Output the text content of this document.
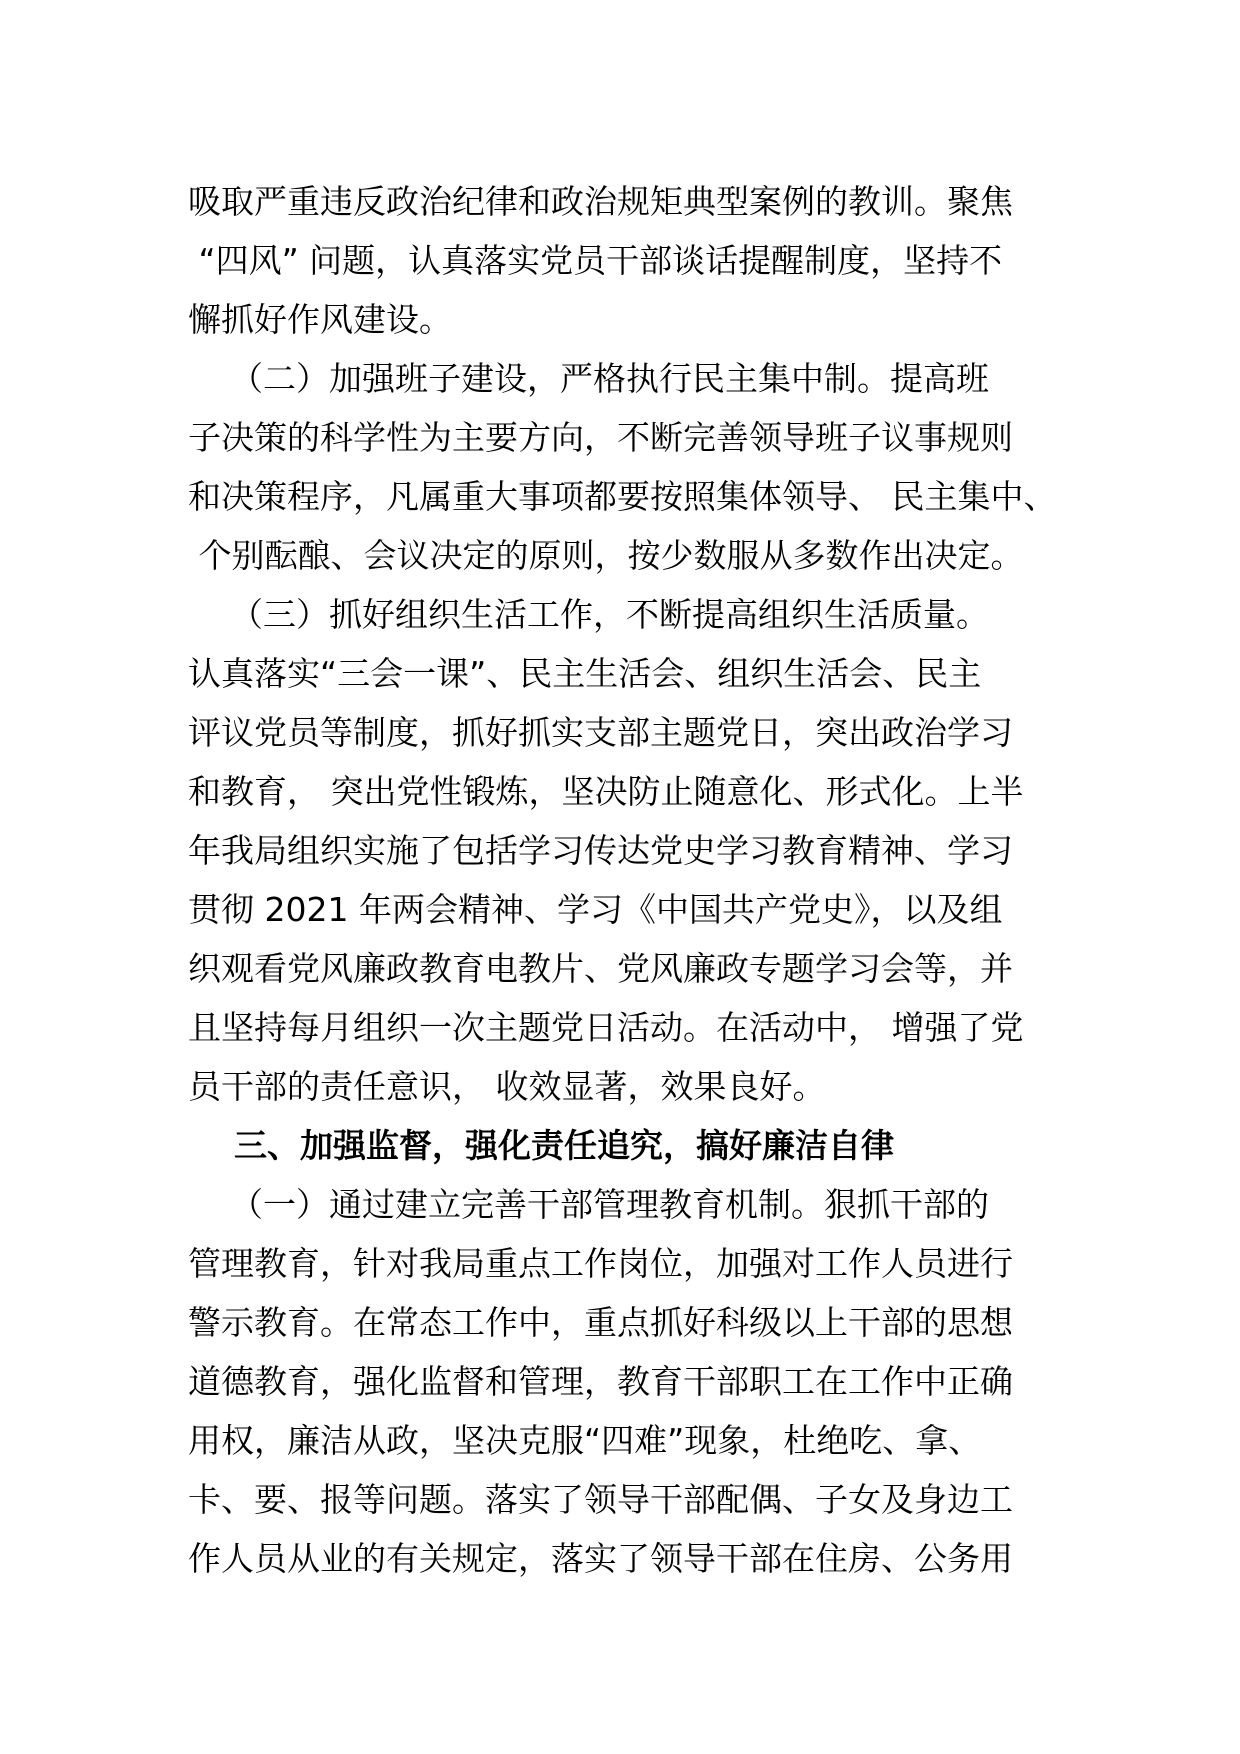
吸取严重违反政治纪律和政治规矩典型案例的教训。聚焦
“四风” 问题，认真落实党员干部谈话提醒制度，坚持不
懈抓好作风建设。
（二）加强班子建设，严格执行民主集中制。提高班
子决策的科学性为主要方向，不断完善领导班子议事规则
和决策程序，凡属重大事项都要按照集体领导、 民主集中、
个别酝酿、会议决定的原则，按少数服从多数作出决定。
（三）抓好组织生活工作，不断提高组织生活质量。
认真落实“三会一课”、民主生活会、组织生活会、民主
评议党员等制度，抓好抓实支部主题党日，突出政治学习
和教育， 突出党性锻炼，坚决防止随意化、形式化。上半
年我局组织实施了包括学习传达党史学习教育精神、学习
贯彻 2021 年两会精神、学习《中国共产党史》，以及组
织观看党风廉政教育电教片、党风廉政专题学习会等，并
且坚持每月组织一次主题党日活动。在活动中， 增强了党
员干部的责任意识， 收效显著，效果良好。
三、加强监督，强化责任追究，搞好廉洁自律
（一）通过建立完善干部管理教育机制。狠抓干部的
管理教育，针对我局重点工作岗位，加强对工作人员进行
警示教育。在常态工作中，重点抓好科级以上干部的思想
道德教育，强化监督和管理，教育干部职工在工作中正确
用权，廉洁从政，坚决克服“四难”现象，杜绝吃、拿、
卡、要、报等问题。落实了领导干部配偶、子女及身边工
作人员从业的有关规定，落实了领导干部在住房、公务用
